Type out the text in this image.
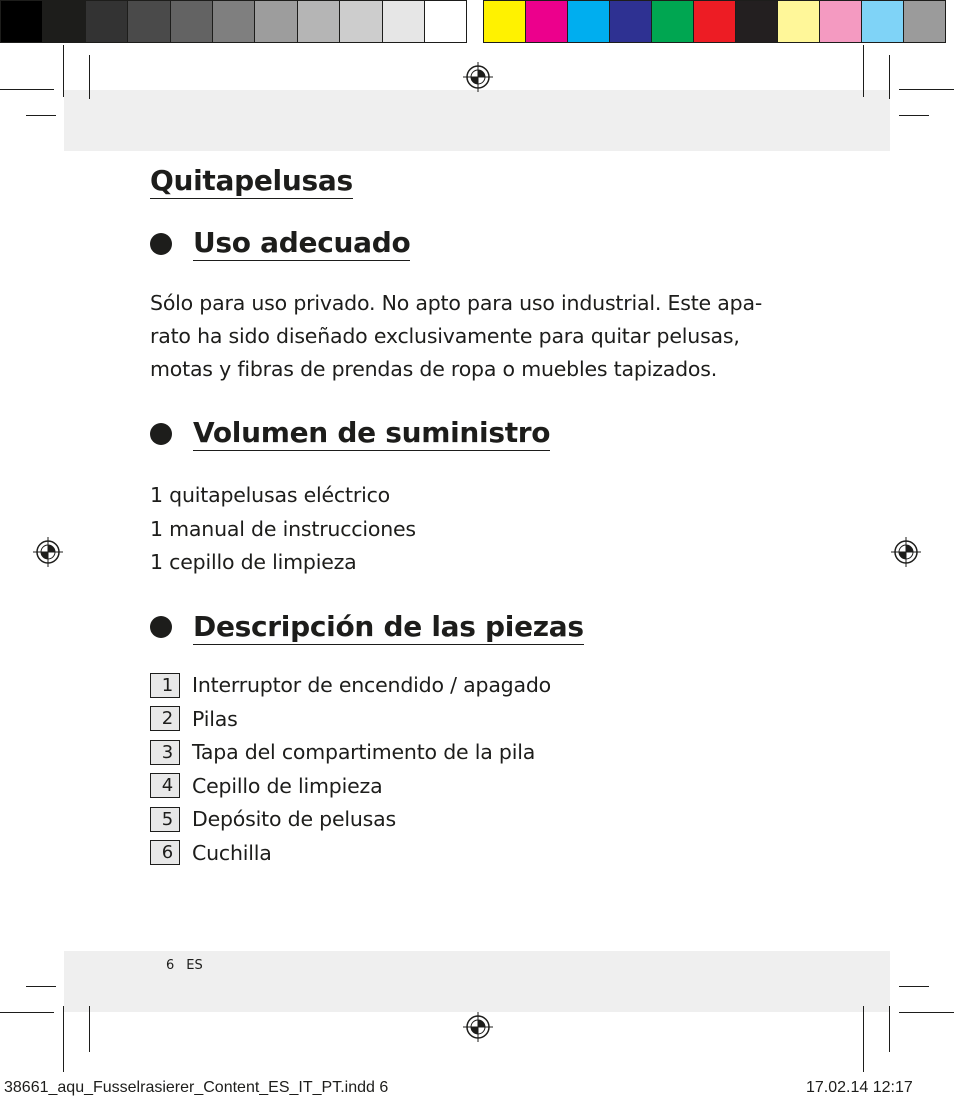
Quitapelusas
Uso adecuado

Sólo para uso privado. No apto para uso industrial. Este apa-

rato ha sido diseñado exclusivamente para quitar pelusas,

motas y fibras de prendas de ropa o muebles tapizados.

Volumen de suministro
1 quitapelusas eléctrico
1 manual de instrucciones
1 cepillo de limpieza
Descripción de las piezas
1 Interruptor de encendido / apagado
2 Pilas
3 Tapa del compartimento de la pila
4 Cepillo de limpieza
5 Depósito de pelusas
6 Cuchilla
6 ES
38661_aqu_Fusselrasierer_Content_ES_IT_PT.indd 6	17.02.14 12:17
